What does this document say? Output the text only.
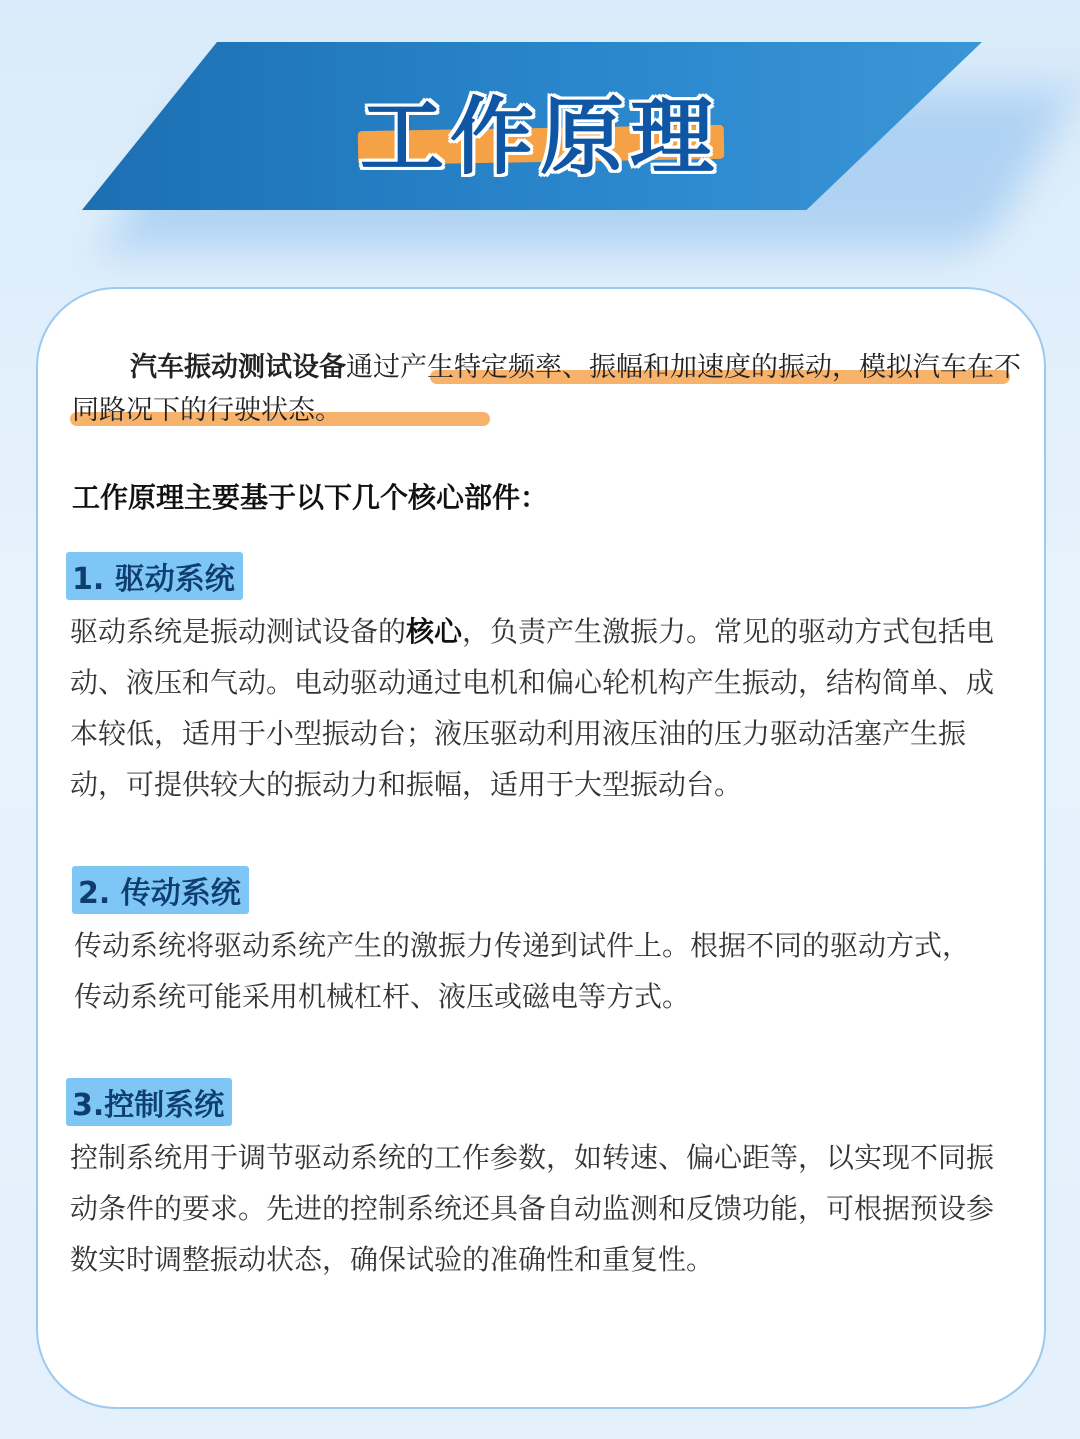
工作原理
汽车振动测试设备通过产生特定频率、振幅和加速度的振动，模拟汽车在不同路况下的行驶状态。
工作原理主要基于以下几个核心部件：
1. 驱动系统
驱动系统是振动测试设备的核心，负责产生激振力。常见的驱动方式包括电动、液压和气动。电动驱动通过电机和偏心轮机构产生振动，结构简单、成本较低，适用于小型振动台；液压驱动利用液压油的压力驱动活塞产生振动，可提供较大的振动力和振幅，适用于大型振动台。
2. 传动系统
传动系统将驱动系统产生的激振力传递到试件上。根据不同的驱动方式，传动系统可能采用机械杠杆、液压或磁电等方式。
3.控制系统
控制系统用于调节驱动系统的工作参数，如转速、偏心距等，以实现不同振动条件的要求。先进的控制系统还具备自动监测和反馈功能，可根据预设参数实时调整振动状态，确保试验的准确性和重复性。
